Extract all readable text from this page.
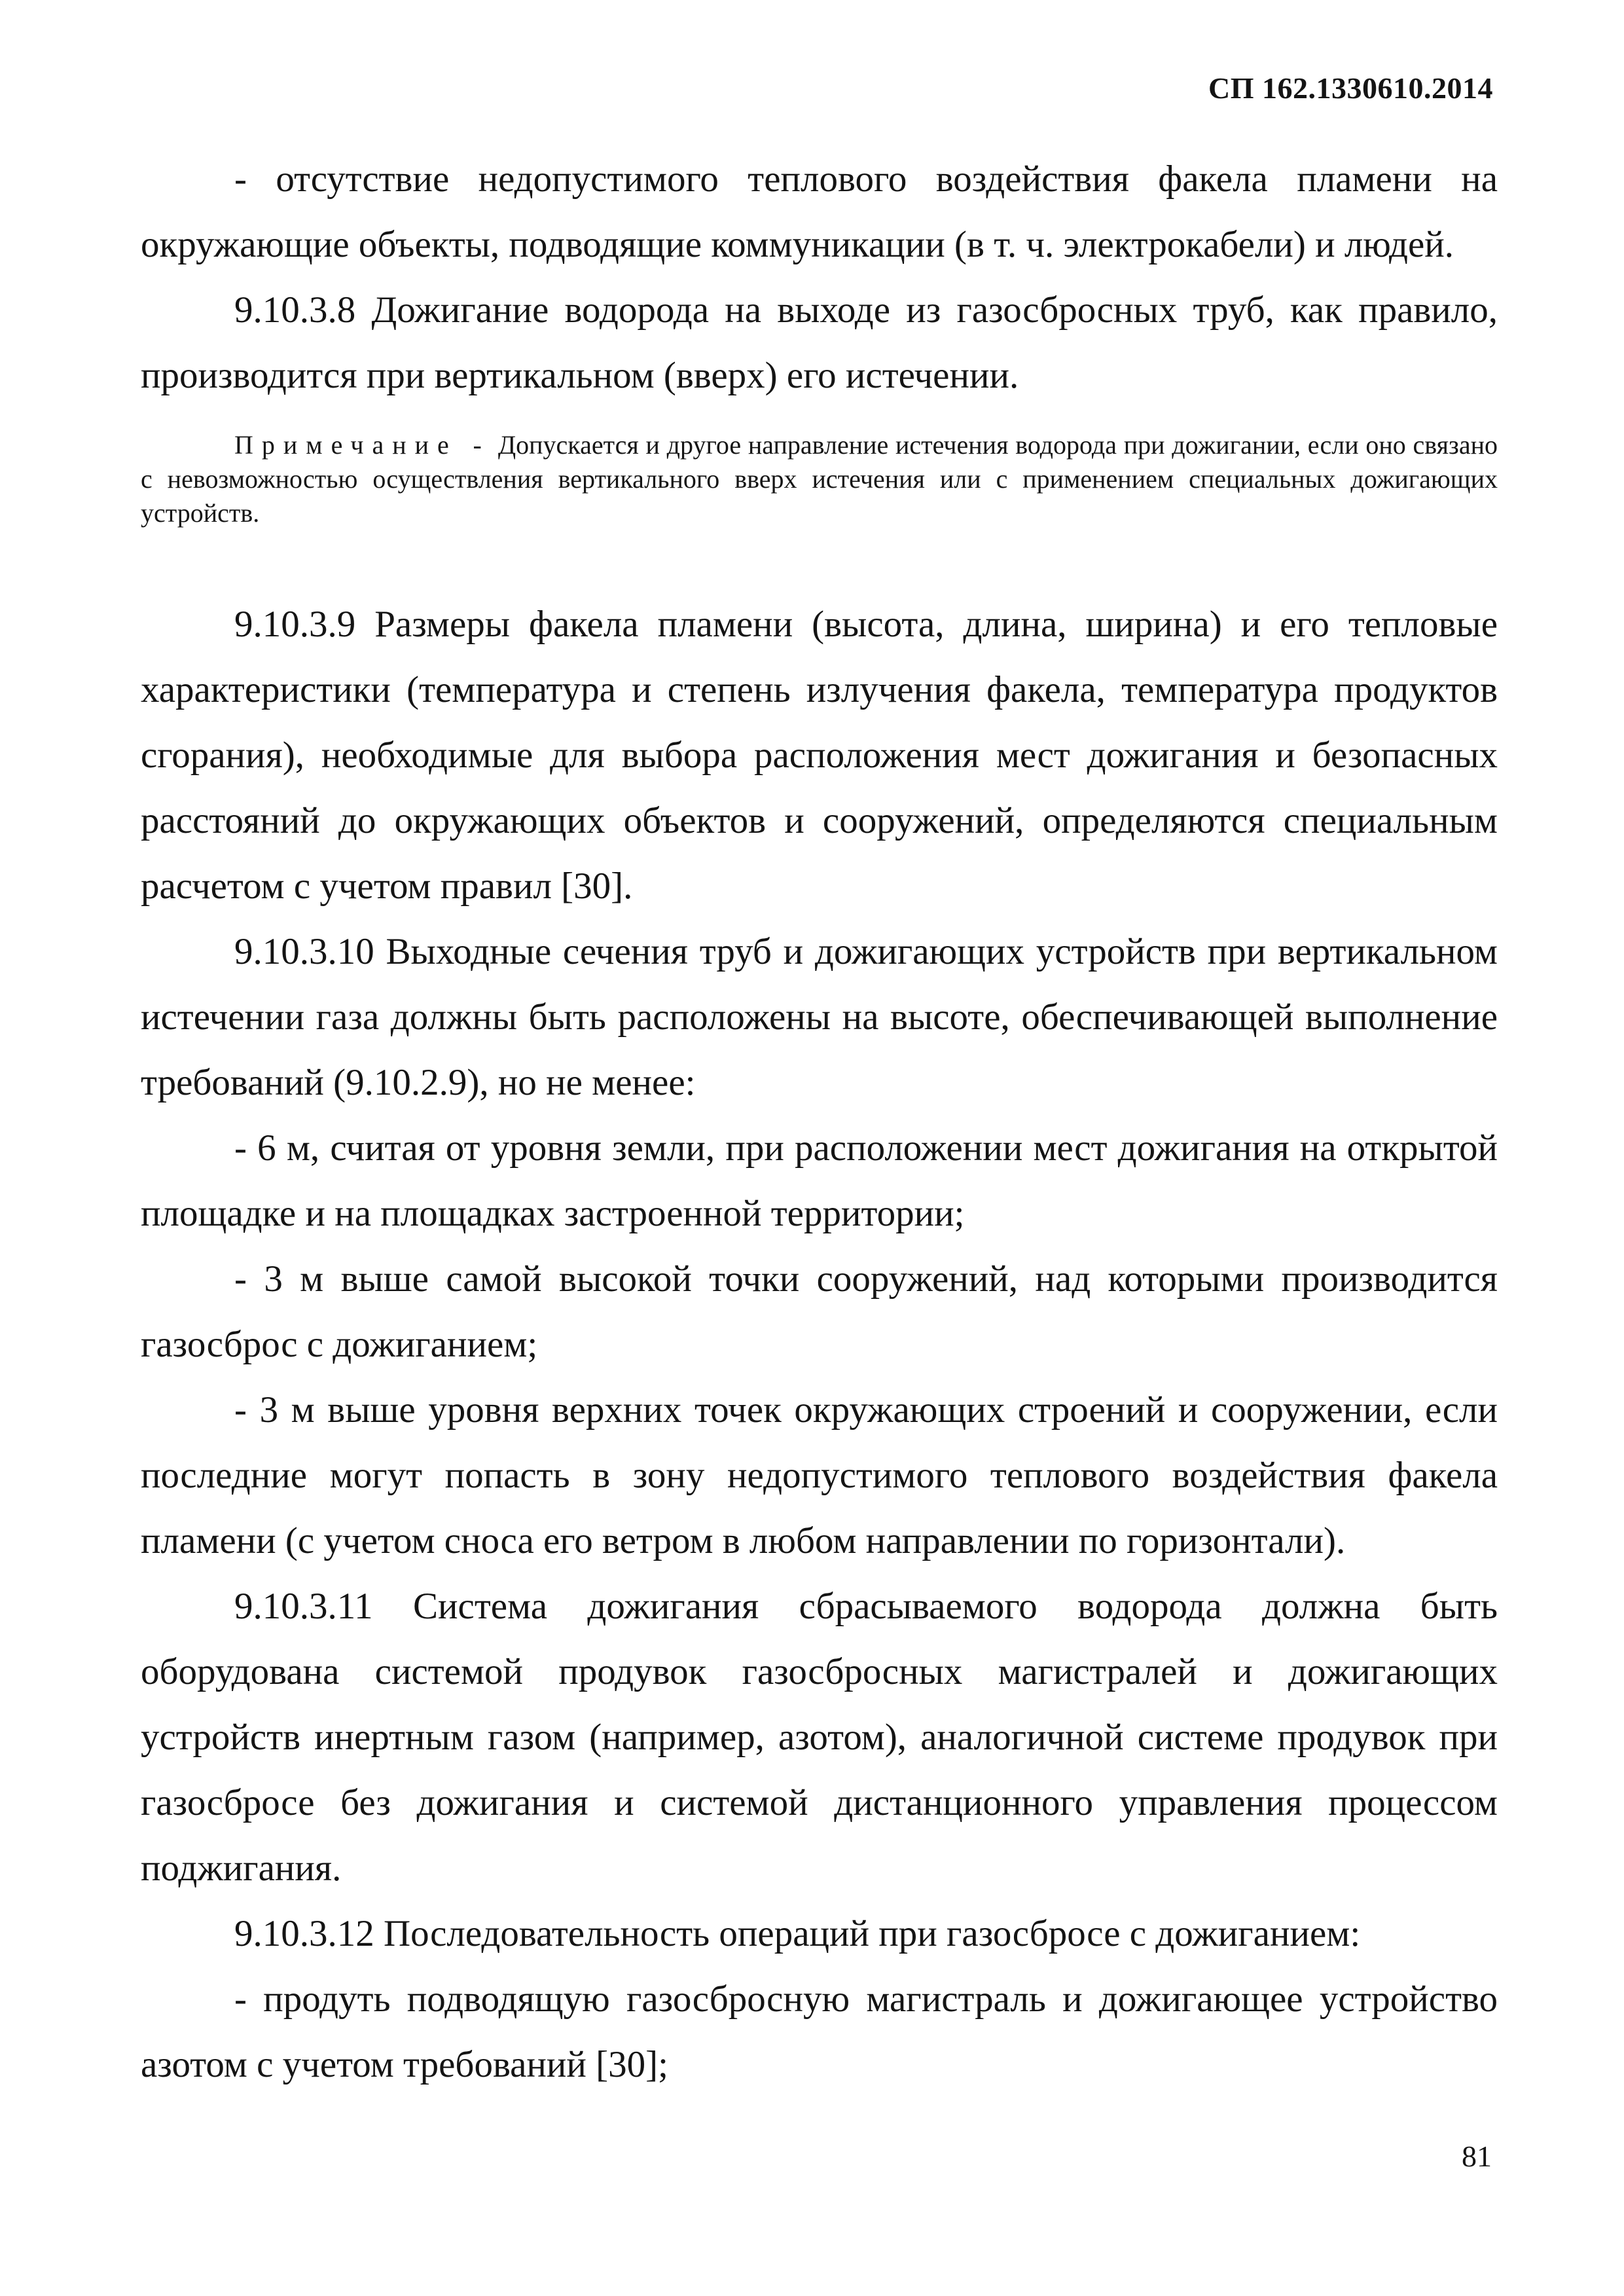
СП 162.1330610.2014

- отсутствие недопустимого теплового воздействия факела пламени на окружающие объекты, подводящие коммуникации (в т. ч. электрокабели) и людей.

9.10.3.8 Дожигание водорода на выходе из газосбросных труб, как правило, производится при вертикальном (вверх) его истечении.

Примечание - Допускается и другое направление истечения водорода при дожигании, если оно связано с невозможностью осуществления вертикального вверх истечения или с применением специальных дожигающих устройств.

9.10.3.9 Размеры факела пламени (высота, длина, ширина) и его тепловые характеристики (температура и степень излучения факела, температура продуктов сгорания), необходимые для выбора расположения мест дожигания и безопасных расстояний до окружающих объектов и сооружений, определяются специальным расчетом с учетом правил [30].

9.10.3.10 Выходные сечения труб и дожигающих устройств при вертикальном истечении газа должны быть расположены на высоте, обеспечивающей выполнение требований (9.10.2.9), но не менее:

- 6 м, считая от уровня земли, при расположении мест дожигания на открытой площадке и на площадках застроенной территории;

- 3 м выше самой высокой точки сооружений, над которыми производится газосброс с дожиганием;

- 3 м выше уровня верхних точек окружающих строений и сооружении, если последние могут попасть в зону недопустимого теплового воздействия факела пламени (с учетом сноса его ветром в любом направлении по горизонтали).

9.10.3.11 Система дожигания сбрасываемого водорода должна быть оборудована системой продувок газосбросных магистралей и дожигающих устройств инертным газом (например, азотом), аналогичной системе продувок при газосбросе без дожигания и системой дистанционного управления процессом поджигания.

9.10.3.12 Последовательность операций при газосбросе с дожиганием:

- продуть подводящую газосбросную магистраль и дожигающее устройство азотом с учетом требований [30];

81
